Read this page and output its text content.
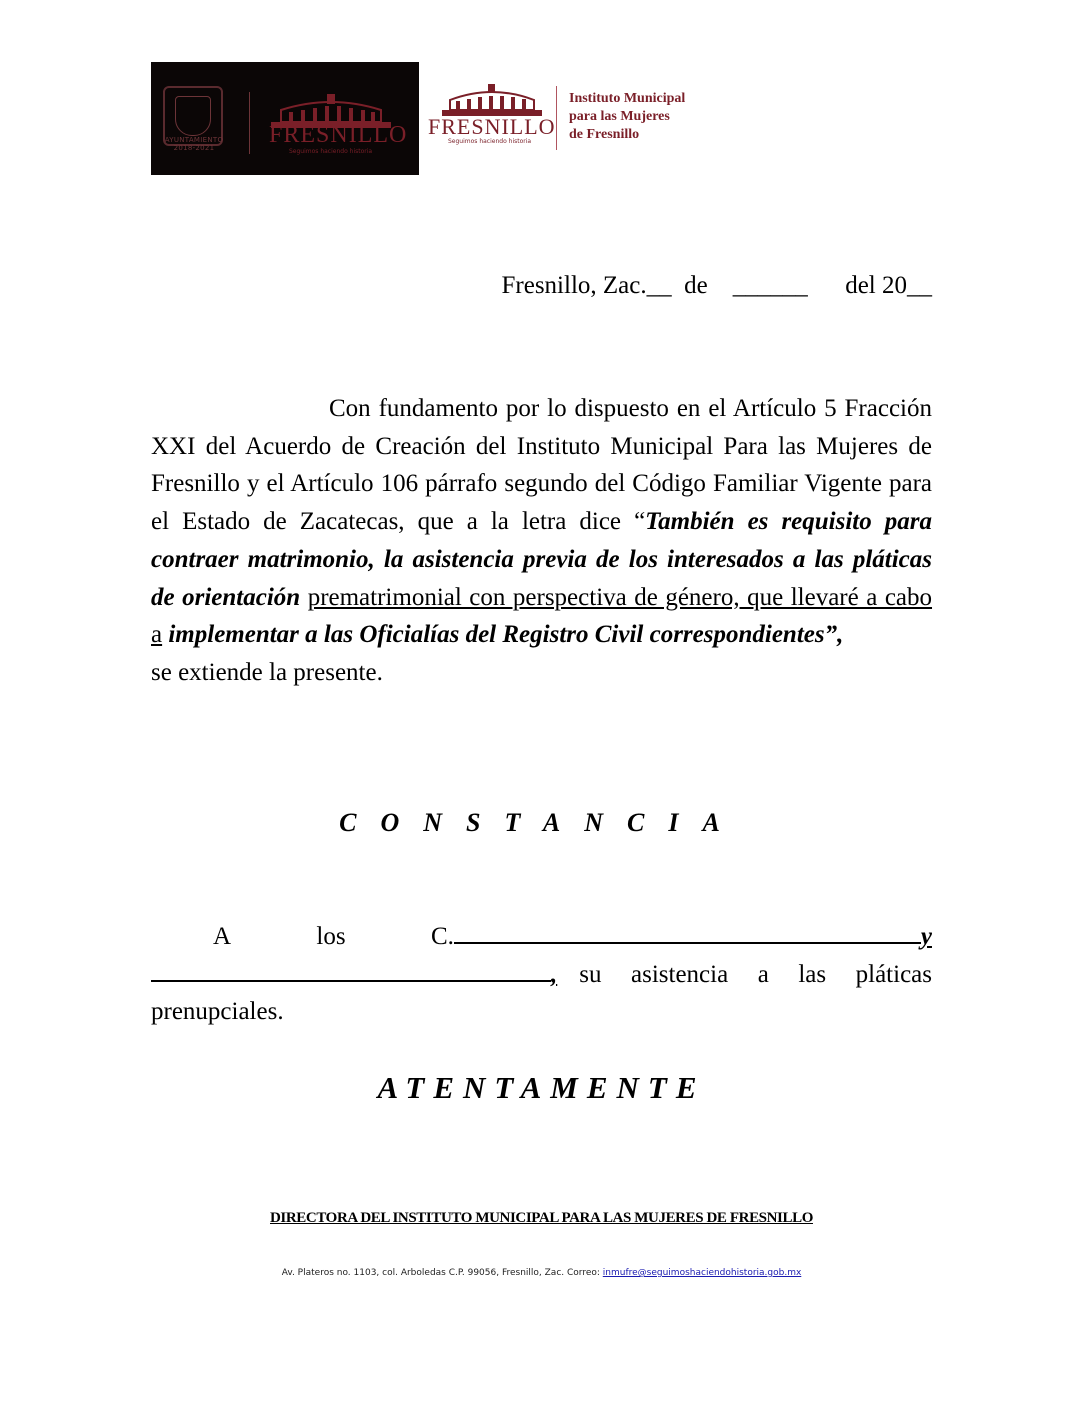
AYUNTAMIENTO 2018-2021	FRESNILLO
Seguimos haciendo historia
FRESNILLO
Seguimos haciendo historia
Instituto Municipal
para las Mujeres
de Fresnillo
Fresnillo, Zac.__  de    ______      del 20__
Con fundamento por lo dispuesto en el Artículo 5 Fracción XXI del Acuerdo de Creación del Instituto Municipal Para las Mujeres de Fresnillo y el Artículo 106 párrafo segundo del Código Familiar Vigente para el Estado de Zacatecas, que a la letra dice “También es requisito para contraer matrimonio, la asistencia previa de los interesados a las pláticas de orientación prematrimonial con perspectiva de género, que llevaré a cabo a implementar a las Oficialías del Registro Civil correspondientes”,
se extiende la presente.
CONSTANCIA
A	los	C.	y
, su asistencia a las pláticas
prenupciales.
ATENTAMENTE
DIRECTORA DEL INSTITUTO MUNICIPAL PARA LAS MUJERES DE FRESNILLO
Av. Plateros no. 1103, col. Arboledas C.P. 99056, Fresnillo, Zac. Correo: inmufre@seguimoshaciendohistoria.gob.mx
